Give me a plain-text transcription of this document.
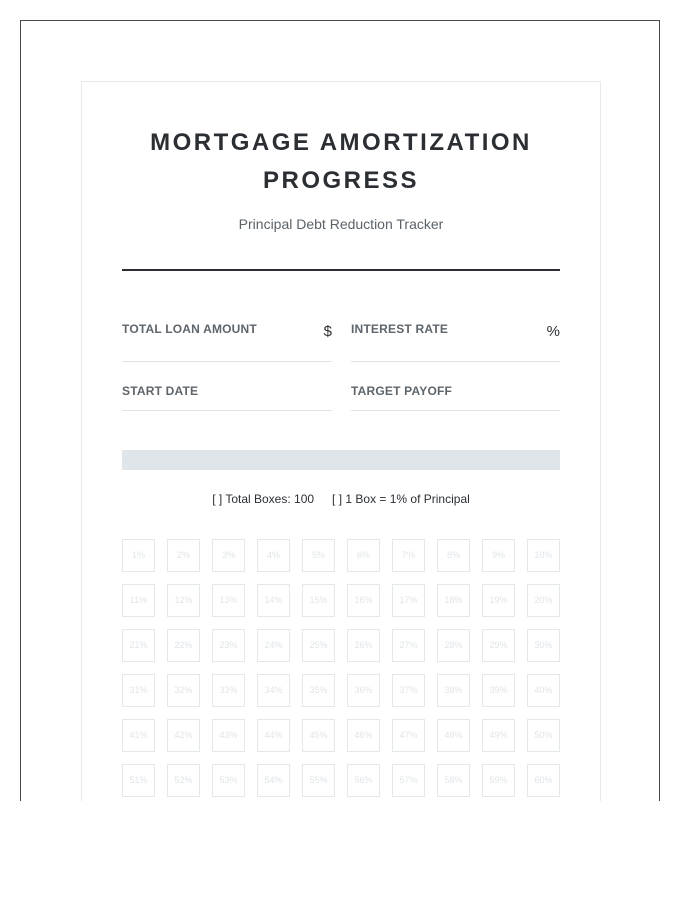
MORTGAGE AMORTIZATION
PROGRESS
Principal Debt Reduction Tracker
TOTAL LOAN AMOUNT	$ INTEREST RATE	%
START DATE	TARGET PAYOFF
[ ] Total Boxes: 100 [ ] 1 Box = 1% of Principal
1%	2%	3%	4%	5%	6%	7%	8%	9%	10%
11%	12%	13%	14%	15%	16%	17%	18%	19%	20%
21%	22%	23%	24%	25%	26%	27%	28%	29%	30%
31%	32%	33%	34%	35%	36%	37%	38%	39%	40%
41%	42%	43%	44%	45%	46%	47%	48%	49%	50%
51%	52%	53%	54%	55%	56%	57%	58%	59%	60%
